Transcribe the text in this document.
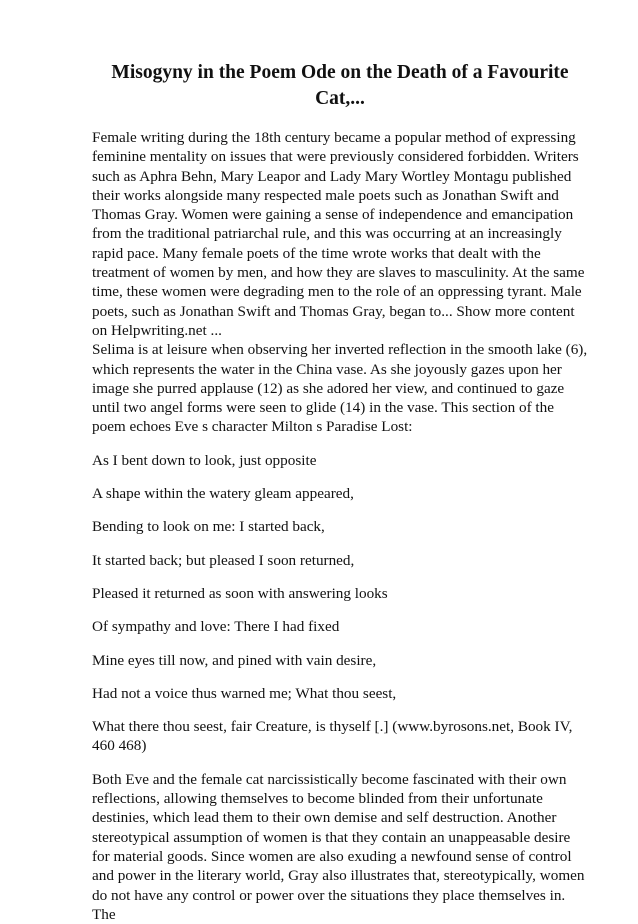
Misogyny in the Poem Ode on the Death of a Favourite Cat,...

Female writing during the 18th century became a popular method of expressing feminine mentality on issues that were previously considered forbidden. Writers such as Aphra Behn, Mary Leapor and Lady Mary Wortley Montagu published their works alongside many respected male poets such as Jonathan Swift and Thomas Gray. Women were gaining a sense of independence and emancipation from the traditional patriarchal rule, and this was occurring at an increasingly rapid pace. Many female poets of the time wrote works that dealt with the treatment of women by men, and how they are slaves to masculinity. At the same time, these women were degrading men to the role of an oppressing tyrant. Male poets, such as Jonathan Swift and Thomas Gray, began to... Show more content on Helpwriting.net ...

Selima is at leisure when observing her inverted reflection in the smooth lake (6), which represents the water in the China vase. As she joyously gazes upon her image she purred applause (12) as she adored her view, and continued to gaze until two angel forms were seen to glide (14) in the vase. This section of the poem echoes Eve s character Milton s Paradise Lost:

As I bent down to look, just opposite

A shape within the watery gleam appeared,

Bending to look on me: I started back,

It started back; but pleased I soon returned,

Pleased it returned as soon with answering looks

Of sympathy and love: There I had fixed

Mine eyes till now, and pined with vain desire,

Had not a voice thus warned me; What thou seest,

What there thou seest, fair Creature, is thyself [.] (www.byrosons.net, Book IV, 460 468)

Both Eve and the female cat narcissistically become fascinated with their own reflections, allowing themselves to become blinded from their unfortunate destinies, which lead them to their own demise and self destruction. Another stereotypical assumption of women is that they contain an unappeasable desire for material goods. Since women are also exuding a newfound sense of control and power in the literary world, Gray also illustrates that, stereotypically, women do not have any control or power over the situations they place themselves in. The
